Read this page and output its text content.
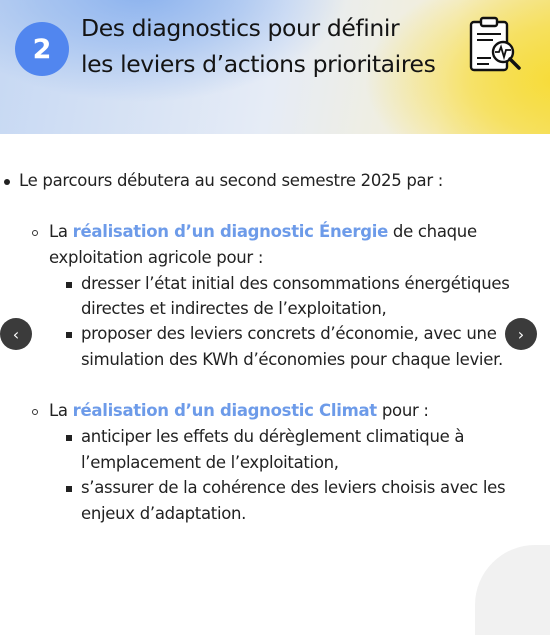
2
Des diagnostics pour définir
les leviers d’actions prioritaires
Le parcours débutera au second semestre 2025 par :
La réalisation d’un diagnostic Énergie de chaque
exploitation agricole pour :
dresser l’état initial des consommations énergétiques
directes et indirectes de l’exploitation,
proposer des leviers concrets d’économie, avec une
simulation des KWh d’économies pour chaque levier.
La réalisation d’un diagnostic Climat pour :
anticiper les effets du dérèglement climatique à
l’emplacement de l’exploitation,
s’assurer de la cohérence des leviers choisis avec les
enjeux d’adaptation.
‹	›
